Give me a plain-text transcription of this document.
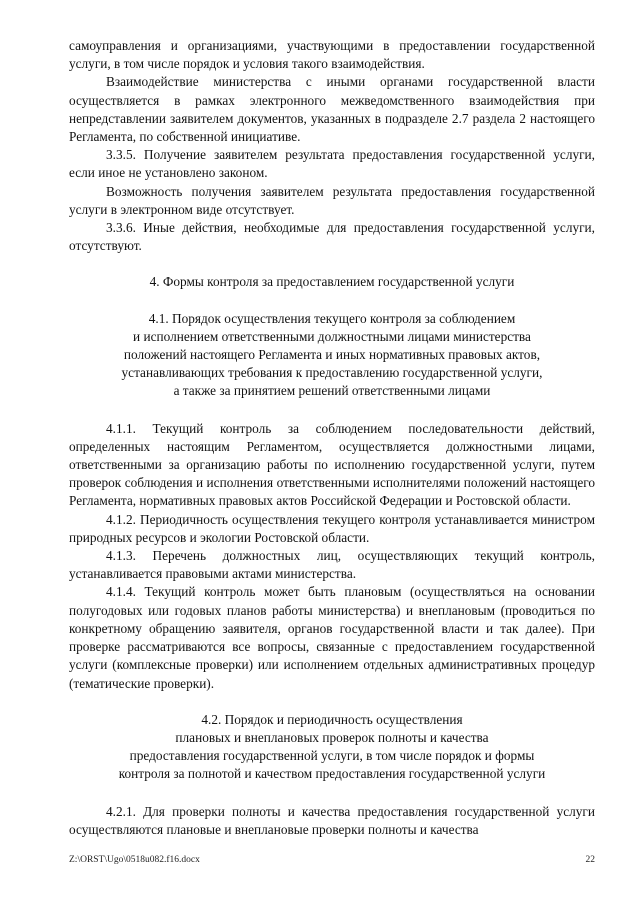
самоуправления и организациями, участвующими в предоставлении государственной услуги, в том числе порядок и условия такого взаимодействия.

Взаимодействие министерства с иными органами государственной власти осуществляется в рамках электронного межведомственного взаимодействия при непредставлении заявителем документов, указанных в подразделе 2.7 раздела 2 настоящего Регламента, по собственной инициативе.

3.3.5. Получение заявителем результата предоставления государственной услуги, если иное не установлено законом.

Возможность получения заявителем результата предоставления государственной услуги в электронном виде отсутствует.

3.3.6. Иные действия, необходимые для предоставления государственной услуги, отсутствуют.

4. Формы контроля за предоставлением государственной услуги

4.1. Порядок осуществления текущего контроля за соблюдением

и исполнением ответственными должностными лицами министерства

положений настоящего Регламента и иных нормативных правовых актов,

устанавливающих требования к предоставлению государственной услуги,

а также за принятием решений ответственными лицами

4.1.1. Текущий контроль за соблюдением последовательности действий, определенных настоящим Регламентом, осуществляется должностными лицами, ответственными за организацию работы по исполнению государственной услуги, путем проверок соблюдения и исполнения ответственными исполнителями положений настоящего Регламента, нормативных правовых актов Российской Федерации и Ростовской области.

4.1.2. Периодичность осуществления текущего контроля устанавливается министром природных ресурсов и экологии Ростовской области.

4.1.3. Перечень должностных лиц, осуществляющих текущий контроль, устанавливается правовыми актами министерства.

4.1.4. Текущий контроль может быть плановым (осуществляться на основании полугодовых или годовых планов работы министерства) и внеплановым (проводиться по конкретному обращению заявителя, органов государственной власти и так далее). При проверке рассматриваются все вопросы, связанные с предоставлением государственной услуги (комплексные проверки) или исполнением отдельных административных процедур (тематические проверки).

4.2. Порядок и периодичность осуществления

плановых и внеплановых проверок полноты и качества

предоставления государственной услуги, в том числе порядок и формы

контроля за полнотой и качеством предоставления государственной услуги

4.2.1. Для проверки полноты и качества предоставления государственной услуги осуществляются плановые и внеплановые проверки полноты и качества

Z:\ORST\Ugo\0518u082.f16.docx	22
